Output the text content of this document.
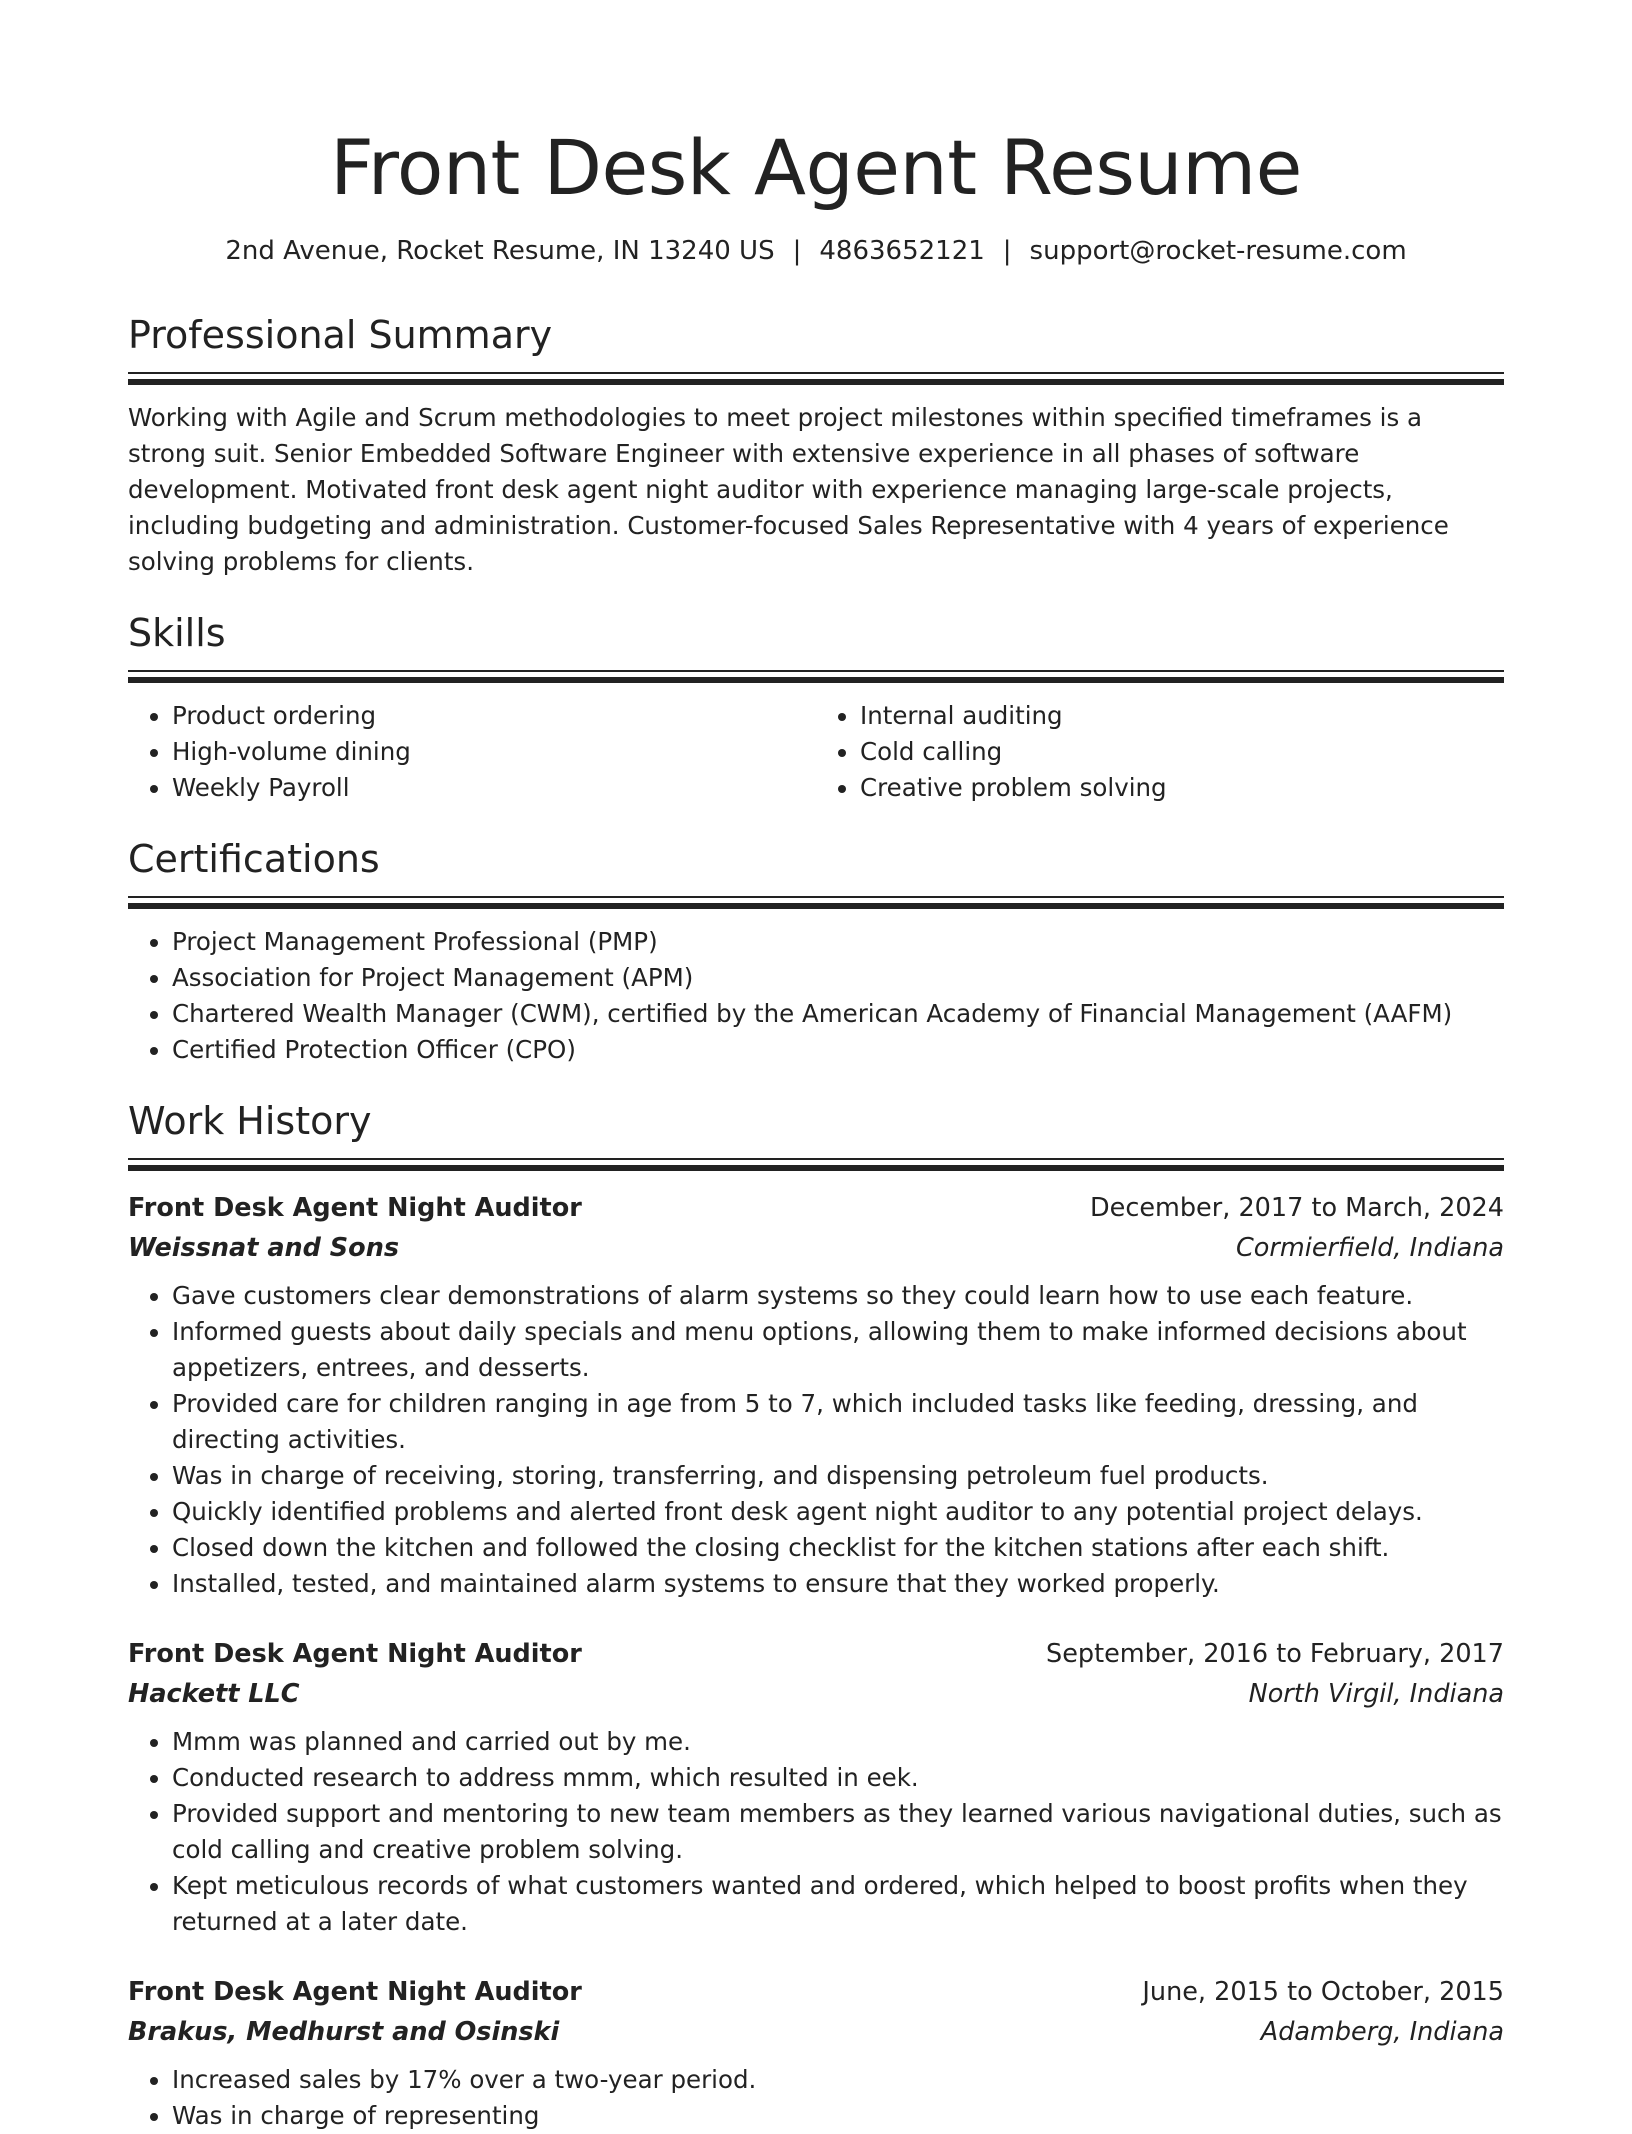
Front Desk Agent Resume
2nd Avenue, Rocket Resume, IN 13240 US | 4863652121 | support@rocket-resume.com
Professional Summary

Working with Agile and Scrum methodologies to meet project milestones within specified timeframes is a strong suit. Senior Embedded Software Engineer with extensive experience in all phases of software development. Motivated front desk agent night auditor with experience managing large-scale projects, including budgeting and administration. Customer-focused Sales Representative with 4 years of experience solving problems for clients.

Skills
• Product ordering
• High-volume dining
• Weekly Payroll
• Internal auditing
• Cold calling
• Creative problem solving
Certifications
• Project Management Professional (PMP)
• Association for Project Management (APM)
• Chartered Wealth Manager (CWM), certified by the American Academy of Financial Management (AAFM)
• Certified Protection Officer (CPO)
Work History
Front Desk Agent Night Auditor	December, 2017 to March, 2024
Weissnat and Sons	Cormierfield, Indiana
• Gave customers clear demonstrations of alarm systems so they could learn how to use each feature.
• Informed guests about daily specials and menu options, allowing them to make informed decisions about appetizers, entrees, and desserts.
• Provided care for children ranging in age from 5 to 7, which included tasks like feeding, dressing, and directing activities.
• Was in charge of receiving, storing, transferring, and dispensing petroleum fuel products.
• Quickly identified problems and alerted front desk agent night auditor to any potential project delays.
• Closed down the kitchen and followed the closing checklist for the kitchen stations after each shift.
• Installed, tested, and maintained alarm systems to ensure that they worked properly.
Front Desk Agent Night Auditor	September, 2016 to February, 2017
Hackett LLC	North Virgil, Indiana
• Mmm was planned and carried out by me.
• Conducted research to address mmm, which resulted in eek.
• Provided support and mentoring to new team members as they learned various navigational duties, such as cold calling and creative problem solving.
• Kept meticulous records of what customers wanted and ordered, which helped to boost profits when they returned at a later date.
Front Desk Agent Night Auditor	June, 2015 to October, 2015
Brakus, Medhurst and Osinski	Adamberg, Indiana
• Increased sales by 17% over a two-year period.
• Was in charge of representing
